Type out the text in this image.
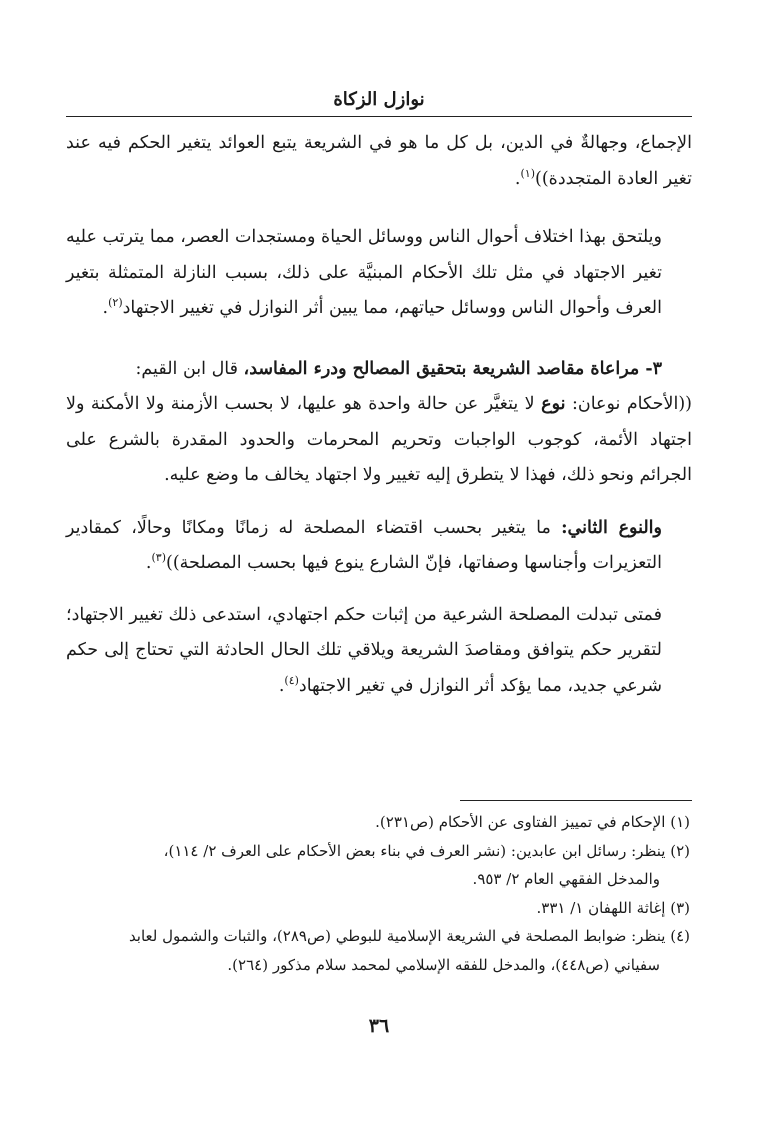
نوازل الزكاة

الإجماع، وجهالةٌ في الدين، بل كل ما هو في الشريعة يتبع العوائد يتغير الحكم فيه عند تغير العادة المتجددة))$^{(١)}$.

ويلتحق بهذا اختلاف أحوال الناس ووسائل الحياة ومستجدات العصر، مما يترتب عليه تغير الاجتهاد في مثل تلك الأحكام المبنيَّة على ذلك، بسبب النازلة المتمثلة بتغير العرف وأحوال الناس ووسائل حياتهم، مما يبين أثر النوازل في تغيير الاجتهاد$^{(٢)}$.

٣- مراعاة مقاصد الشريعة بتحقيق المصالح ودرء المفاسد، قال ابن القيم:

((الأحكام نوعان: نوع لا يتغيَّر عن حالة واحدة هو عليها، لا بحسب الأزمنة ولا الأمكنة ولا اجتهاد الأئمة، كوجوب الواجبات وتحريم المحرمات والحدود المقدرة بالشرع على الجرائم ونحو ذلك، فهذا لا يتطرق إليه تغيير ولا اجتهاد يخالف ما وضع عليه.

والنوع الثاني: ما يتغير بحسب اقتضاء المصلحة له زمانًا ومكانًا وحالًا، كمقادير التعزيرات وأجناسها وصفاتها، فإنّ الشارع ينوع فيها بحسب المصلحة))$^{(٣)}$.

فمتى تبدلت المصلحة الشرعية من إثبات حكم اجتهادي، استدعى ذلك تغيير الاجتهاد؛ لتقرير حكم يتوافق ومقاصدَ الشريعة ويلاقي تلك الحال الحادثة التي تحتاج إلى حكم شرعي جديد، مما يؤكد أثر النوازل في تغير الاجتهاد$^{(٤)}$.

(١) الإحكام في تمييز الفتاوى عن الأحكام (ص٢٣١).

(٢) ينظر: رسائل ابن عابدين: (نشر العرف في بناء بعض الأحكام على العرف ٢/ ١١٤)،
والمدخل الفقهي العام ٢/ ٩٥٣.

(٣) إغاثة اللهفان ١/ ٣٣١.

(٤) ينظر: ضوابط المصلحة في الشريعة الإسلامية للبوطي (ص٢٨٩)، والثبات والشمول لعابد
سفياني (ص٤٤٨)، والمدخل للفقه الإسلامي لمحمد سلام مذكور (٢٦٤).

٣٦
